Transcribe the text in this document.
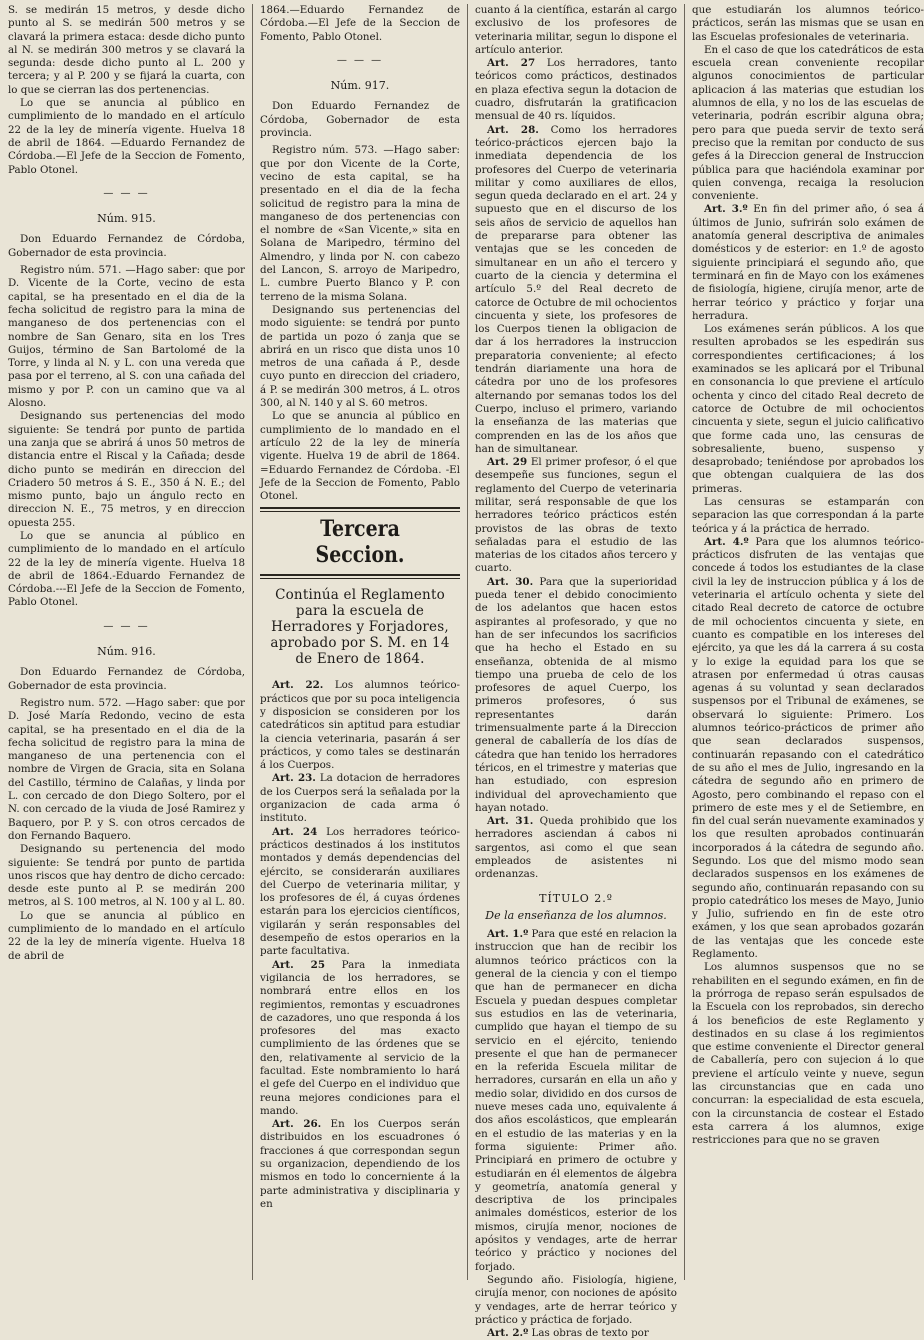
S. se medirán 15 metros, y desde dicho punto al S. se medirán 500 metros y se clavará la primera estaca: desde dicho punto al N. se medirán 300 metros y se clavará la segunda: desde dicho punto al L. 200 y tercera; y al P. 200 y se fijará la cuarta, con lo que se cierran las dos pertenencias.

Lo que se anuncia al público en cumplimiento de lo mandado en el artículo 22 de la ley de minería vigente. Huelva 18 de abril de 1864. —Eduardo Fernandez de Córdoba.—El Jefe de la Seccion de Fomento, Pablo Otonel.

— — —
Núm. 915.

Don Eduardo Fernandez de Córdoba, Gobernador de esta provincia.

Registro núm. 571. —Hago saber: que por D. Vicente de la Corte, vecino de esta capital, se ha presentado en el dia de la fecha solicitud de registro para la mina de manganeso de dos pertenencias con el nombre de San Genaro, sita en los Tres Guijos, término de San Bartolomé de la Torre, y linda al N. y L. con una vereda que pasa por el terreno, al S. con una cañada del mismo y por P. con un camino que va al Alosno.

Designando sus pertenencias del modo siguiente: Se tendrá por punto de partida una zanja que se abrirá á unos 50 metros de distancia entre el Riscal y la Cañada; desde dicho punto se medirán en direccion del Criadero 50 metros á S. E., 350 á N. E.; del mismo punto, bajo un ángulo recto en direccion N. E., 75 metros, y en direccion opuesta 255.

Lo que se anuncia al público en cumplimiento de lo mandado en el artículo 22 de la ley de minería vigente. Huelva 18 de abril de 1864.-Eduardo Fernandez de Córdoba.---El Jefe de la Seccion de Fomento, Pablo Otonel.

— — —
Núm. 916.

Don Eduardo Fernandez de Córdoba, Gobernador de esta provincia.

Registro num. 572. —Hago saber: que por D. José María Redondo, vecino de esta capital, se ha presentado en el dia de la fecha solicitud de registro para la mina de manganeso de una pertenencia con el nombre de Virgen de Gracia, sita en Solana del Castillo, término de Calañas, y linda por L. con cercado de don Diego Soltero, por el N. con cercado de la viuda de José Ramirez y Baquero, por P. y S. con otros cercados de don Fernando Baquero.

Designando su pertenencia del modo siguiente: Se tendrá por punto de partida unos riscos que hay dentro de dicho cercado: desde este punto al P. se medirán 200 metros, al S. 100 metros, al N. 100 y al L. 80.

Lo que se anuncia al público en cumplimiento de lo mandado en el artículo 22 de la ley de minería vigente. Huelva 18 de abril de

1864.—Eduardo Fernandez de Córdoba.—El Jefe de la Seccion de Fomento, Pablo Otonel.

— — —
Núm. 917.

Don Eduardo Fernandez de Córdoba, Gobernador de esta provincia.

Registro núm. 573. —Hago saber: que por don Vicente de la Corte, vecino de esta capital, se ha presentado en el dia de la fecha solicitud de registro para la mina de manganeso de dos pertenencias con el nombre de «San Vicente,» sita en Solana de Maripedro, término del Almendro, y linda por N. con cabezo del Lancon, S. arroyo de Maripedro, L. cumbre Puerto Blanco y P. con terreno de la misma Solana.

Designando sus pertenencias del modo siguiente: se tendrá por punto de partida un pozo ó zanja que se abrirá en un risco que dista unos 10 metros de una cañada á P., desde cuyo punto en direccion del criadero, á P. se medirán 300 metros, á L. otros 300, al N. 140 y al S. 60 metros.

Lo que se anuncia al público en cumplimiento de lo mandado en el artículo 22 de la ley de minería vigente. Huelva 19 de abril de 1864. =Eduardo Fernandez de Córdoba. -El Jefe de la Seccion de Fomento, Pablo Otonel.

Tercera Seccion.
Continúa el Reglamento para la escuela de Herradores y Forjadores, aprobado por S. M. en 14 de Enero de 1864.

Art. 22. Los alumnos teórico-prácticos que por su poca inteligencia y disposicion se consideren por los catedráticos sin aptitud para estudiar la ciencia veterinaria, pasarán á ser prácticos, y como tales se destinarán á los Cuerpos.

Art. 23. La dotacion de herradores de los Cuerpos será la señalada por la organizacion de cada arma ó instituto.

Art. 24 Los herradores teórico-prácticos destinados á los institutos montados y demás dependencias del ejército, se considerarán auxiliares del Cuerpo de veterinaria militar, y los profesores de él, á cuyas órdenes estarán para los ejercicios científicos, vigilarán y serán responsables del desempeño de estos operarios en la parte facultativa.

Art. 25 Para la inmediata vigilancia de los herradores, se nombrará entre ellos en los regimientos, remontas y escuadrones de cazadores, uno que responda á los profesores del mas exacto cumplimiento de las órdenes que se den, relativamente al servicio de la facultad. Este nombramiento lo hará el gefe del Cuerpo en el individuo que reuna mejores condiciones para el mando.

Art. 26. En los Cuerpos serán distribuidos en los escuadrones ó fracciones á que correspondan segun su organizacion, dependiendo de los mismos en todo lo concerniente á la parte administrativa y disciplinaria y en

cuanto á la científica, estarán al cargo exclusivo de los profesores de veterinaria militar, segun lo dispone el artículo anterior.

Art. 27 Los herradores, tanto teóricos como prácticos, destinados en plaza efectiva segun la dotacion de cuadro, disfrutarán la gratificacion mensual de 40 rs. líquidos.

Art. 28. Como los herradores teórico-prácticos ejercen bajo la inmediata dependencia de los profesores del Cuerpo de veterinaria militar y como auxiliares de ellos, segun queda declarado en el art. 24 y supuesto que en el discurso de los seis años de servicio de aquellos han de prepararse para obtener las ventajas que se les conceden de simultanear en un año el tercero y cuarto de la ciencia y determina el artículo 5.º del Real decreto de catorce de Octubre de mil ochocientos cincuenta y siete, los profesores de los Cuerpos tienen la obligacion de dar á los herradores la instruccion preparatoria conveniente; al efecto tendrán diariamente una hora de cátedra por uno de los profesores alternando por semanas todos los del Cuerpo, incluso el primero, variando la enseñanza de las materias que comprenden en las de los años que han de simultanear.

Art. 29 El primer profesor, ó el que desempeñe sus funciones, segun el reglamento del Cuerpo de veterinaria militar, será responsable de que los herradores teórico prácticos estén provistos de las obras de texto señaladas para el estudio de las materias de los citados años tercero y cuarto.

Art. 30. Para que la superioridad pueda tener el debido conocimiento de los adelantos que hacen estos aspirantes al profesorado, y que no han de ser infecundos los sacrificios que ha hecho el Estado en su enseñanza, obtenida de al mismo tiempo una prueba de celo de los profesores de aquel Cuerpo, los primeros profesores, ó sus representantes darán trimensualmente parte á la Direccion general de caballería de los días de cátedra que han tenido los herradores téricos, en el trimestre y materias que han estudiado, con espresion individual del aprovechamiento que hayan notado.

Art. 31. Queda prohibido que los herradores asciendan á cabos ni sargentos, asi como el que sean empleados de asistentes ni ordenanzas.

TÍTULO 2.º
De la enseñanza de los alumnos.

Art. 1.º Para que esté en relacion la instruccion que han de recibir los alumnos teórico prácticos con la general de la ciencia y con el tiempo que han de permanecer en dicha Escuela y puedan despues completar sus estudios en las de veterinaria, cumplido que hayan el tiempo de su servicio en el ejército, teniendo presente el que han de permanecer en la referida Escuela militar de herradores, cursarán en ella un año y medio solar, dividido en dos cursos de nueve meses cada uno, equivalente á dos años escolásticos, que emplearán en el estudio de las materias y en la forma siguiente: Primer año. Principiará en primero de octubre y estudiarán en él elementos de álgebra y geometría, anatomía general y descriptiva de los principales animales domésticos, esterior de los mismos, cirujía menor, nociones de apósitos y vendages, arte de herrar teórico y práctico y nociones del forjado.

Segundo año. Fisiología, higiene, cirujía menor, con nociones de apósito y vendages, arte de herrar teórico y práctico y práctica de forjado.

Art. 2.º Las obras de texto por

que estudiarán los alumnos teórico-prácticos, serán las mismas que se usan en las Escuelas profesionales de veterinaria.

En el caso de que los catedráticos de esta escuela crean conveniente recopilar algunos conocimientos de particular aplicacion á las materias que estudian los alumnos de ella, y no los de las escuelas de veterinaria, podrán escribir alguna obra; pero para que pueda servir de texto será preciso que la remitan por conducto de sus gefes á la Direccion general de Instruccion pública para que haciéndola examinar por quien convenga, recaiga la resolucion conveniente.

Art. 3.º En fin del primer año, ó sea á últimos de Junio, sufrirán solo exámen de anatomía general descriptiva de animales domésticos y de esterior: en 1.º de agosto siguiente principiará el segundo año, que terminará en fin de Mayo con los exámenes de fisiología, higiene, cirujía menor, arte de herrar teórico y práctico y forjar una herradura.

Los exámenes serán públicos. A los que resulten aprobados se les espedirán sus correspondientes certificaciones; á los examinados se les aplicará por el Tribunal en consonancia lo que previene el artículo ochenta y cinco del citado Real decreto de catorce de Octubre de mil ochocientos cincuenta y siete, segun el juicio calificativo que forme cada uno, las censuras de sobresaliente, bueno, suspenso y desaprobado; teniéndose por aprobados los que obtengan cualquiera de las dos primeras.

Las censuras se estamparán con separacion las que correspondan á la parte teórica y á la práctica de herrado.

Art. 4.º Para que los alumnos teórico-prácticos disfruten de las ventajas que concede á todos los estudiantes de la clase civil la ley de instruccion pública y á los de veterinaria el artículo ochenta y siete del citado Real decreto de catorce de octubre de mil ochocientos cincuenta y siete, en cuanto es compatible en los intereses del ejército, ya que les dá la carrera á su costa y lo exige la equidad para los que se atrasen por enfermedad ú otras causas agenas á su voluntad y sean declarados suspensos por el Tribunal de exámenes, se observará lo siguiente: Primero. Los alumnos teórico-prácticos de primer año que sean declarados suspensos, continuarán repasando con el catedrático de su año el mes de Julio, ingresando en la cátedra de segundo año en primero de Agosto, pero combinando el repaso con el primero de este mes y el de Setiembre, en fin del cual serán nuevamente examinados y los que resulten aprobados continuarán incorporados á la cátedra de segundo año. Segundo. Los que del mismo modo sean declarados suspensos en los exámenes de segundo año, continuarán repasando con su propio catedrático los meses de Mayo, Junio y Julio, sufriendo en fin de este otro exámen, y los que sean aprobados gozarán de las ventajas que les concede este Reglamento.

Los alumnos suspensos que no se rehabiliten en el segundo exámen, en fin de la prórroga de repaso serán espulsados de la Escuela con los reprobados, sin derecho á los beneficios de este Reglamento y destinados en su clase á los regimientos que estime conveniente el Director general de Caballería, pero con sujecion á lo que previene el artículo veinte y nueve, segun las circunstancias que en cada uno concurran: la especialidad de esta escuela, con la circunstancia de costear el Estado esta carrera á los alumnos, exige restricciones para que no se graven
